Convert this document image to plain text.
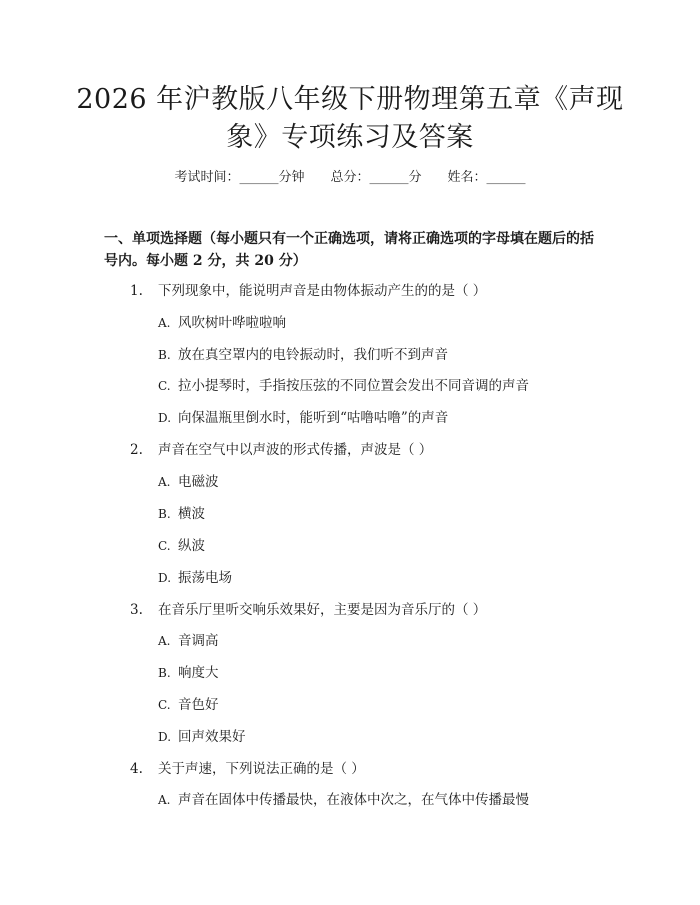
2026 年沪教版八年级下册物理第五章《声现
象》专项练习及答案
考试时间：______分钟 总分：______分 姓名：______
一、单项选择题（每小题只有一个正确选项，请将正确选项的字母填在题后的括
号内。每小题 2 分，共 20 分）
1. 下列现象中，能说明声音是由物体振动产生的的是（ ）
A. 风吹树叶哗啦啦响
B. 放在真空罩内的电铃振动时，我们听不到声音
C. 拉小提琴时，手指按压弦的不同位置会发出不同音调的声音
D. 向保温瓶里倒水时，能听到“咕噜咕噜”的声音
2. 声音在空气中以声波的形式传播，声波是（ ）
A. 电磁波
B. 横波
C. 纵波
D. 振荡电场
3. 在音乐厅里听交响乐效果好，主要是因为音乐厅的（ ）
A. 音调高
B. 响度大
C. 音色好
D. 回声效果好
4. 关于声速，下列说法正确的是（ ）
A. 声音在固体中传播最快，在液体中次之，在气体中传播最慢
